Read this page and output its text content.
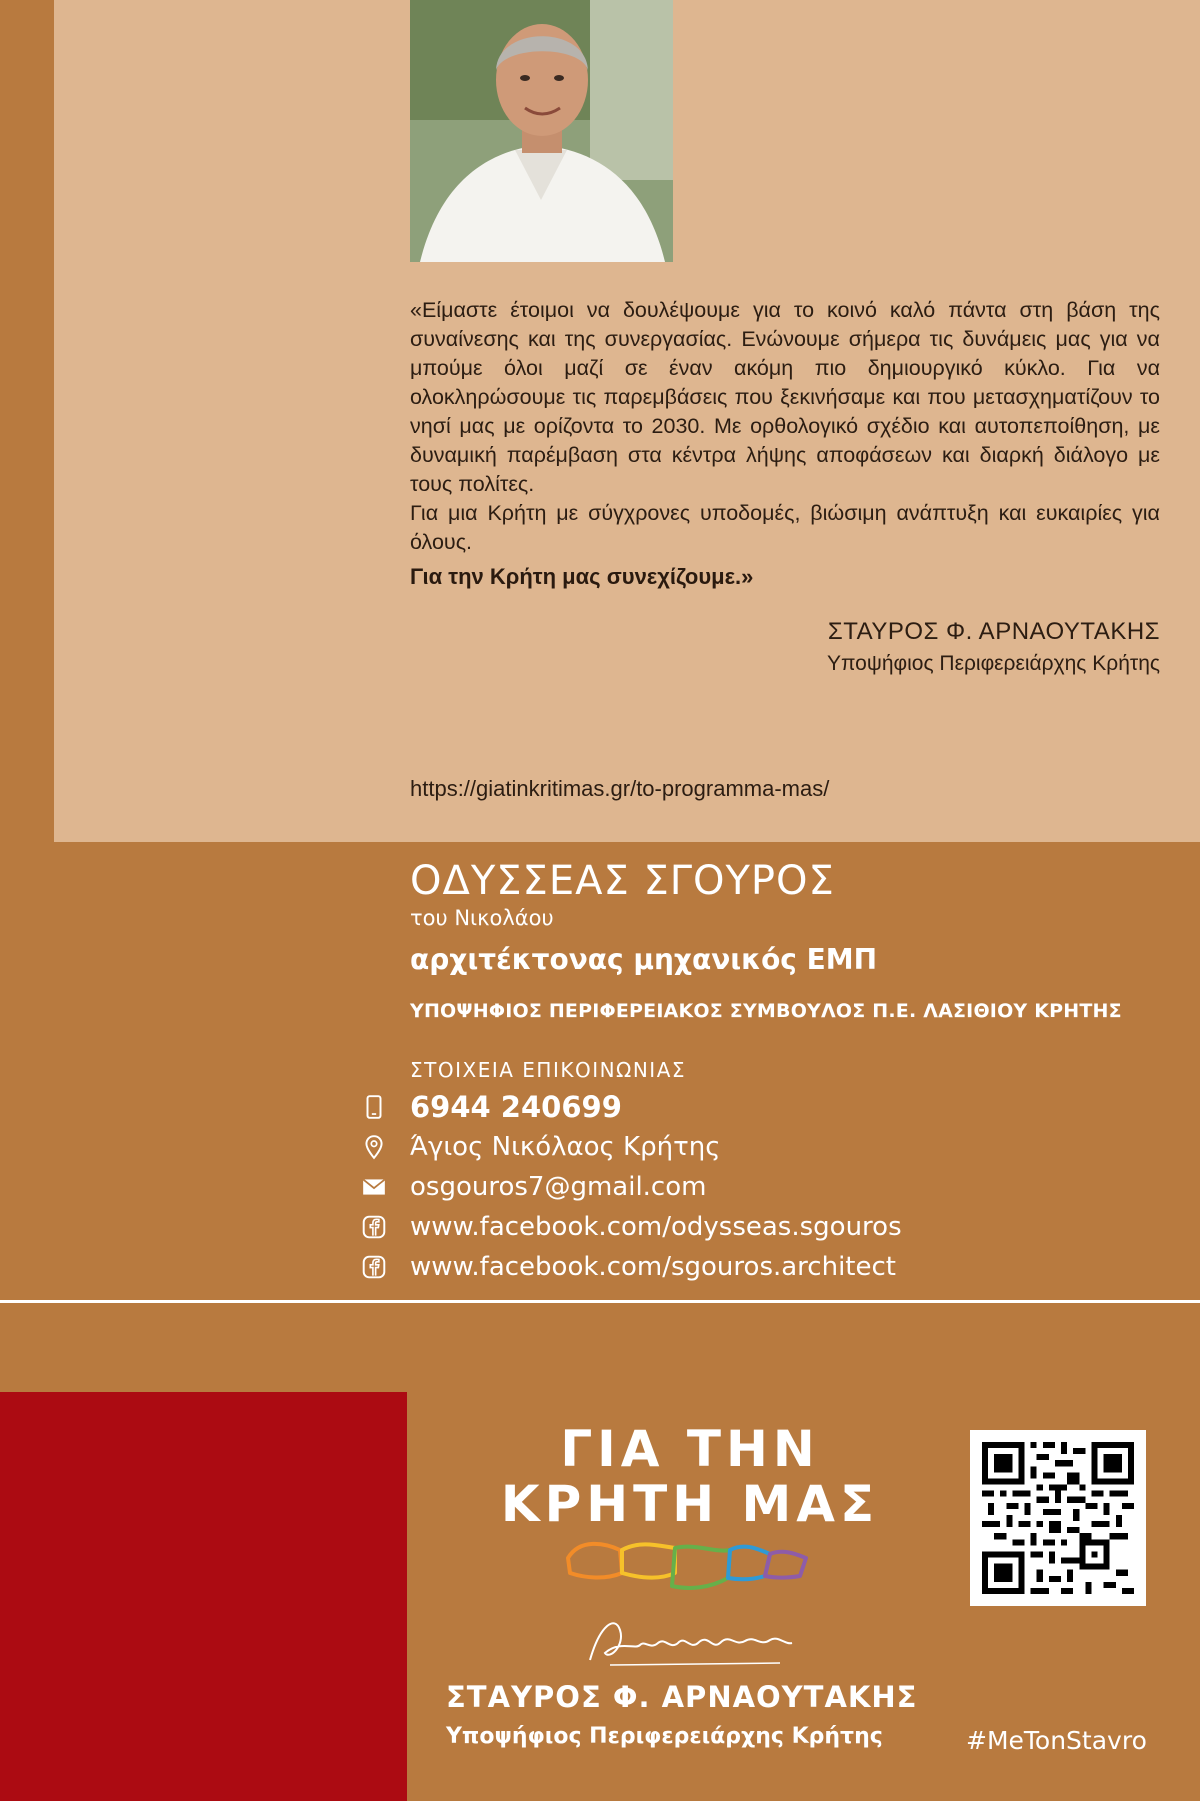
«Είμαστε έτοιμοι να δουλέψουμε για το κοινό καλό πάντα στη βάση της συναίνεσης και της συνεργασίας. Ενώνουμε σήμερα τις δυνάμεις μας για να μπούμε όλοι μαζί σε έναν ακόμη πιο δημιουργικό κύκλο. Για να ολοκληρώσουμε τις παρεμβάσεις που ξεκινήσαμε και που μετασχηματίζουν το νησί μας με ορίζοντα το 2030. Με ορθολογικό σχέδιο και αυτοπεποίθηση, με δυναμική παρέμβαση στα κέντρα λήψης αποφάσεων και διαρκή διάλογο με τους πολίτες.

Για μια Κρήτη με σύγχρονες υποδομές, βιώσιμη ανάπτυξη και ευκαιρίες για όλους.

Για την Κρήτη μας συνεχίζουμε.»
ΣΤΑΥΡΟΣ Φ. ΑΡΝΑΟΥΤΑΚΗΣ
Υποψήφιος Περιφερειάρχης Κρήτης
https://giatinkritimas.gr/to-programma-mas/
ΟΔΥΣΣΕΑΣ ΣΓΟΥΡΟΣ
του Νικολάου
αρχιτέκτονας μηχανικός ΕΜΠ
ΥΠΟΨΗΦΙΟΣ ΠΕΡΙΦΕΡΕΙΑΚΟΣ ΣΥΜΒΟΥΛΟΣ Π.Ε. ΛΑΣΙΘΙΟΥ ΚΡΗΤΗΣ
ΣΤΟΙΧΕΙΑ ΕΠΙΚΟΙΝΩΝΙΑΣ
6944 240699
Άγιος Νικόλαος Κρήτης
osgouros7@gmail.com
www.facebook.com/odysseas.sgouros
www.facebook.com/sgouros.architect
ΓΙΑ ΤΗΝ
ΚΡΗΤΗ ΜΑΣ
ΣΤΑΥΡΟΣ Φ. ΑΡΝΑΟΥΤΑΚΗΣ
Υποψήφιος Περιφερειάρχης Κρήτης	#MeTonStavro
